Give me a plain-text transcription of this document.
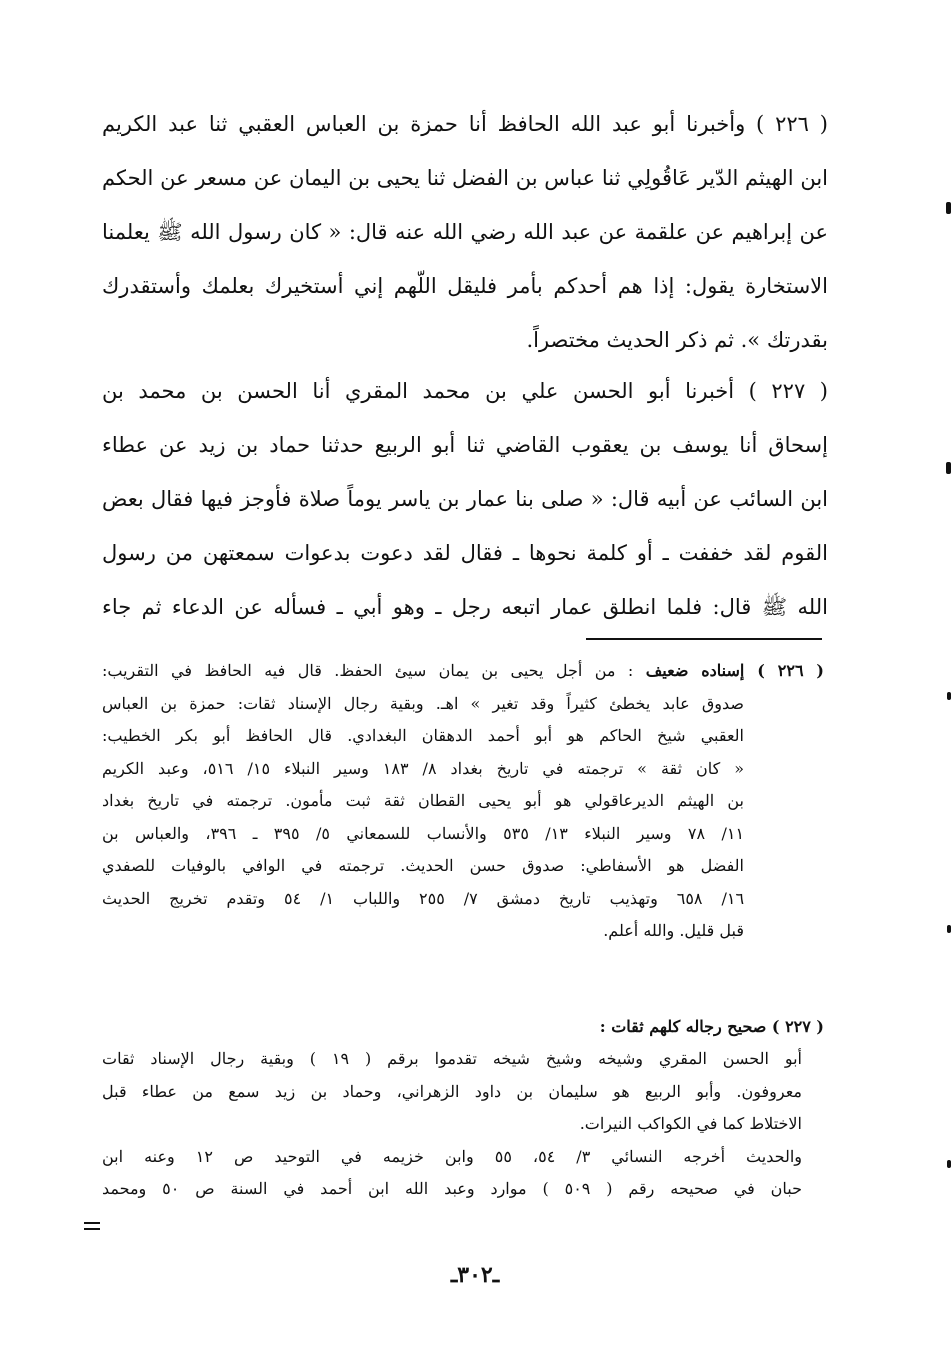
( ٢٢٦ ) وأخبرنا أبو عبد الله الحافظ أنا حمزة بن العباس العقبي ثنا عبد الكريم
ابن الهيثم الدّير عَاقُولِي ثنا عباس بن الفضل ثنا يحيى بن اليمان عن مسعر عن الحكم
عن إبراهيم عن علقمة عن عبد الله رضي الله عنه قال: « كان رسول الله ﷺ يعلمنا
الاستخارة يقول: إذا هم أحدكم بأمر فليقل اللّهم إني أستخيرك بعلمك وأستقدرك
بقدرتك ». ثم ذكر الحديث مختصراً.
( ٢٢٧ ) أخبرنا أبو الحسن علي بن محمد المقري أنا الحسن بن محمد بن
إسحاق أنا يوسف بن يعقوب القاضي ثنا أبو الربيع حدثنا حماد بن زيد عن عطاء
ابن السائب عن أبيه قال: « صلى بنا عمار بن ياسر يوماً صلاة فأوجز فيها فقال بعض
القوم لقد خففت ـ أو كلمة نحوها ـ فقال لقد دعوت بدعوات سمعتهن من رسول
الله ﷺ قال: فلما انطلق عمار اتبعه رجل ـ وهو أبي ـ فسأله عن الدعاء ثم جاء
( ٢٢٦ ) إسناده ضعيف : من أجل يحيى بن يمان سيئ الحفظ. قال فيه الحافظ في التقريب:
صدوق عابد يخطئ كثيراً وقد تغير » اهـ. وبقية رجال الإسناد ثقات: حمزة بن العباس
العقبي شيخ الحاكم هو أبو أحمد الدهقان البغدادي. قال الحافظ أبو بكر الخطيب:
« كان ثقة » ترجمته في تاريخ بغداد ٨/ ١٨٣ وسير النبلاء ١٥/ ٥١٦، وعبد الكريم
بن الهيثم الديرعاقولي هو أبو يحيى القطان ثقة ثبت مأمون. ترجمته في تاريخ بغداد
١١/ ٧٨ وسير النبلاء ١٣/ ٥٣٥ والأنساب للسمعاني ٥/ ٣٩٥ ـ ٣٩٦، والعباس بن
الفضل هو الأسفاطي: صدوق حسن الحديث. ترجمته في الوافي بالوفيات للصفدي
١٦/ ٦٥٨ وتهذيب تاريخ دمشق ٧/ ٢٥٥ واللباب ١/ ٥٤ وتقدم تخريج الحديث
قبل قليل. والله أعلم.
( ٢٢٧ ) صحيح رجاله كلهم ثقات :
أبو الحسن المقري وشيخه وشيخ شيخه تقدموا برقم ( ١٩ ) وبقية رجال الإسناد ثقات
معروفون. وأبو الربيع هو سليمان بن داود الزهراني، وحماد بن زيد سمع من عطاء قبل
الاختلاط كما في الكواكب النيرات.
والحديث أخرجه النسائي ٣/ ٥٤، ٥٥ وابن خزيمه في التوحيد ص ١٢ وعنه ابن
حبان في صحيحه رقم ( ٥٠٩ ) موارد وعبد الله ابن أحمد في السنة ص ٥٠ ومحمد
ـ٣٠٢ـ
